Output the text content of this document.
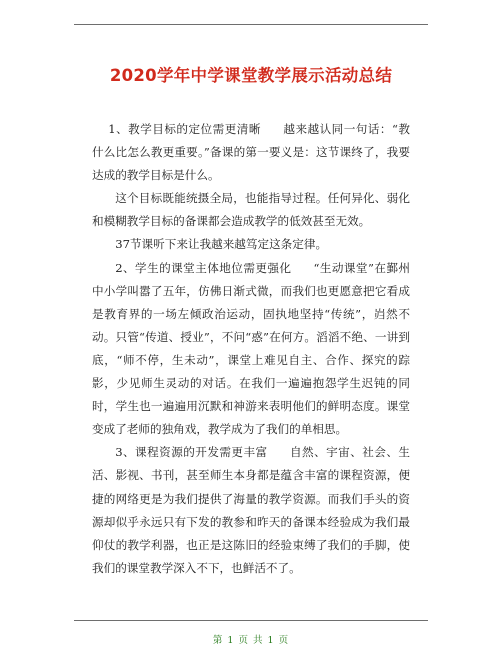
2020学年中学课堂教学展示活动总结

1、教学目标的定位需更清晰 越来越认同一句话：“教什么比怎么教更重要。”备课的第一要义是：这节课终了，我要达成的教学目标是什么。

这个目标既能统摄全局，也能指导过程。任何异化、弱化和模糊教学目标的备课都会造成教学的低效甚至无效。

37节课听下来让我越来越笃定这条定律。

2、学生的课堂主体地位需更强化 “生动课堂”在鄞州中小学叫嚣了五年，仿佛日渐式微，而我们也更愿意把它看成是教育界的一场左倾政治运动，固执地坚持“传统”，岿然不动。只管“传道、授业”，不问“惑”在何方。滔滔不绝、一讲到底，“师不停，生未动”，课堂上难见自主、合作、探究的踪影，少见师生灵动的对话。在我们一遍遍抱怨学生迟钝的同时，学生也一遍遍用沉默和神游来表明他们的鲜明态度。课堂变成了老师的独角戏，教学成为了我们的单相思。

3、课程资源的开发需更丰富 自然、宇宙、社会、生活、影视、书刊，甚至师生本身都是蕴含丰富的课程资源，便捷的网络更是为我们提供了海量的教学资源。而我们手头的资源却似乎永远只有下发的教参和昨天的备课本经验成为我们最仰仗的教学利器，也正是这陈旧的经验束缚了我们的手脚，使我们的课堂教学深入不下，也鲜活不了。

第 1 页 共 1 页
